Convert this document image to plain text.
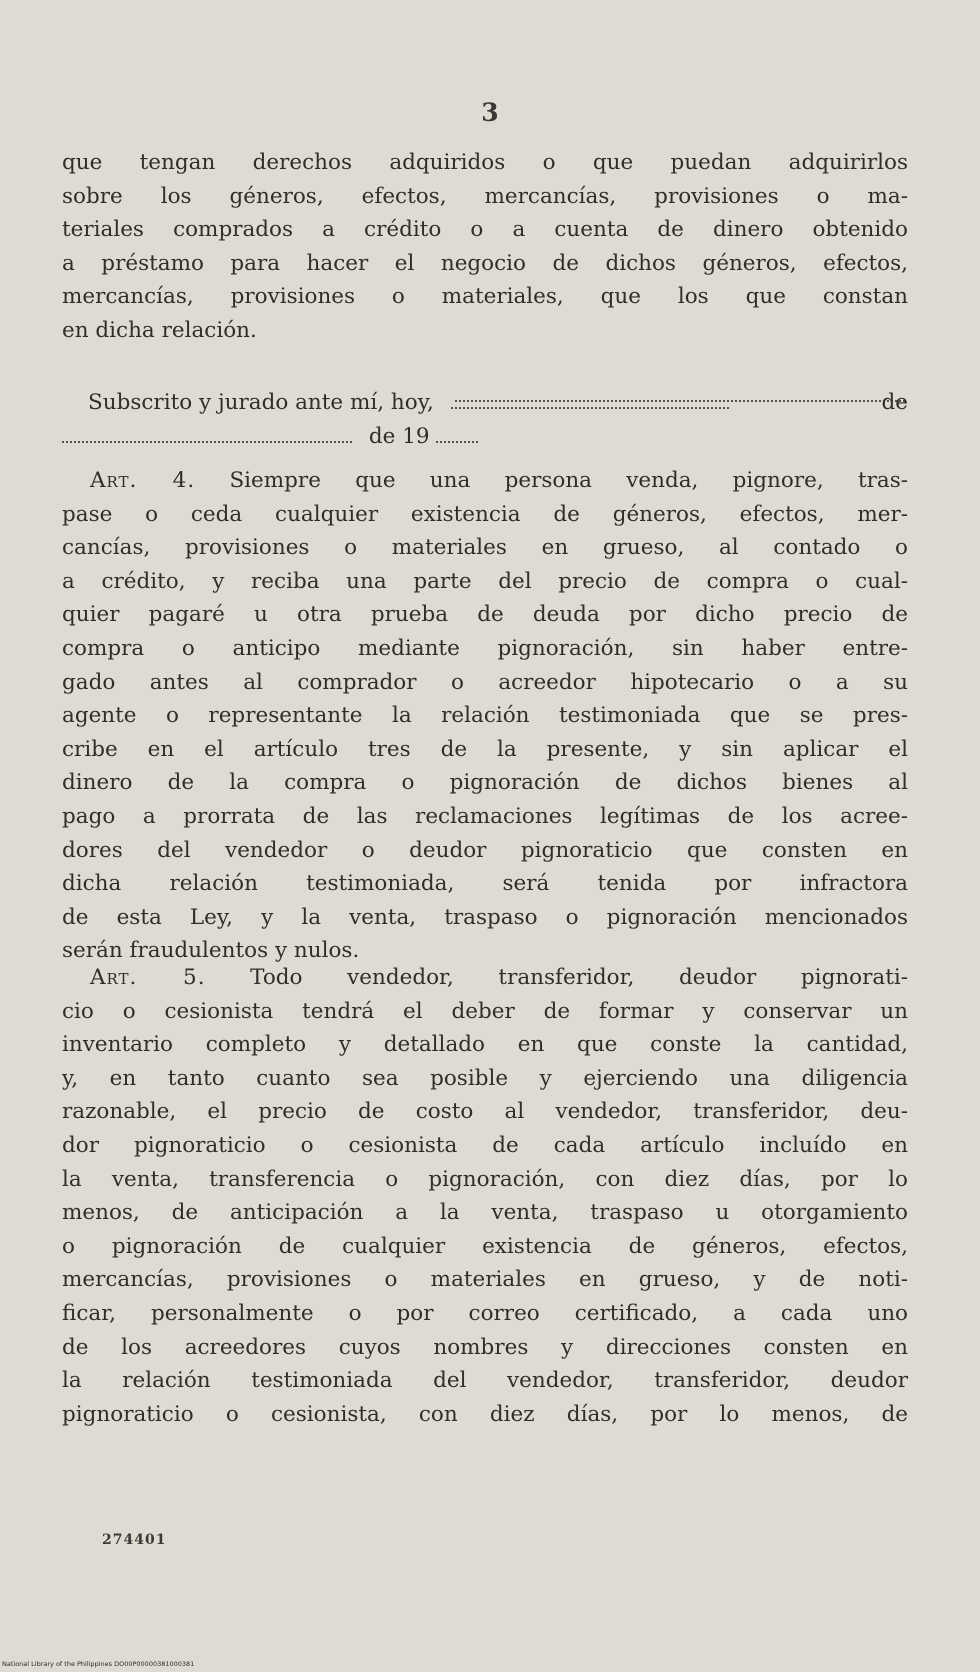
3
que tengan derechos adquiridos o que puedan adquirirlos
sobre los géneros, efectos, mercancías, provisiones o ma-
teriales comprados a crédito o a cuenta de dinero obtenido
a préstamo para hacer el negocio de dichos géneros, efectos,
mercancías, provisiones o materiales, que los que constan
en dicha relación.
Subscrito y jurado ante mí, hoy,	de
de 19
Art. 4. Siempre que una persona venda, pignore, tras-
pase o ceda cualquier existencia de géneros, efectos, mer-
cancías, provisiones o materiales en grueso, al contado o
a crédito, y reciba una parte del precio de compra o cual-
quier pagaré u otra prueba de deuda por dicho precio de
compra o anticipo mediante pignoración, sin haber entre-
gado antes al comprador o acreedor hipotecario o a su
agente o representante la relación testimoniada que se pres-
cribe en el artículo tres de la presente, y sin aplicar el
dinero de la compra o pignoración de dichos bienes al
pago a prorrata de las reclamaciones legítimas de los acree-
dores del vendedor o deudor pignoraticio que consten en
dicha relación testimoniada, será tenida por infractora
de esta Ley, y la venta, traspaso o pignoración mencionados
serán fraudulentos y nulos.
Art. 5. Todo vendedor, transferidor, deudor pignorati-
cio o cesionista tendrá el deber de formar y conservar un
inventario completo y detallado en que conste la cantidad,
y, en tanto cuanto sea posible y ejerciendo una diligencia
razonable, el precio de costo al vendedor, transferidor, deu-
dor pignoraticio o cesionista de cada artículo incluído en
la venta, transferencia o pignoración, con diez días, por lo
menos, de anticipación a la venta, traspaso u otorgamiento
o pignoración de cualquier existencia de géneros, efectos,
mercancías, provisiones o materiales en grueso, y de noti-
ficar, personalmente o por correo certificado, a cada uno
de los acreedores cuyos nombres y direcciones consten en
la relación testimoniada del vendedor, transferidor, deudor
pignoraticio o cesionista, con diez días, por lo menos, de
274401
National Library of the Philippines DO00P00000381000381
